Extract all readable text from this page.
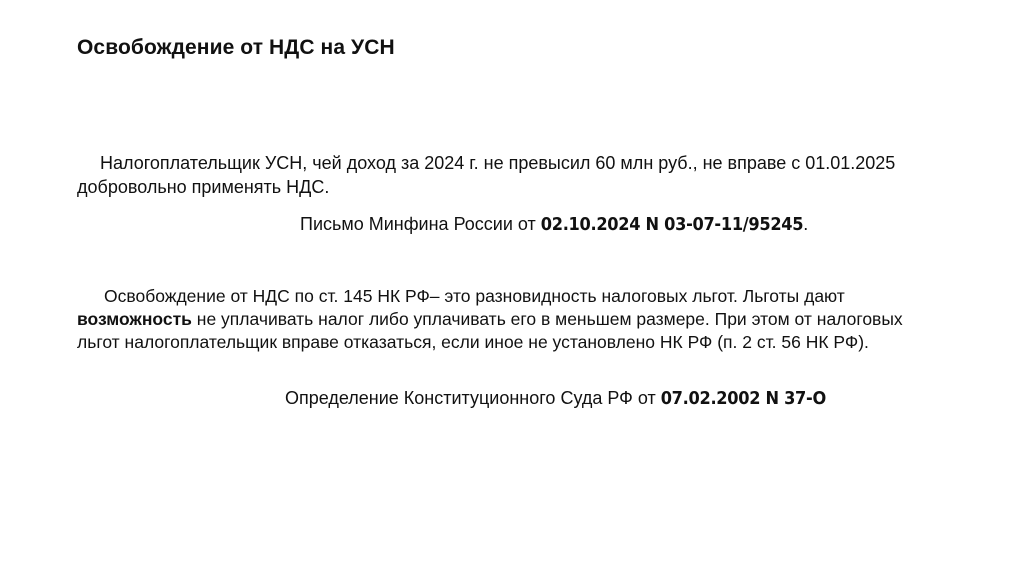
Освобождение от НДС на УСН
Налогоплательщик УСН, чей доход за 2024 г. не превысил 60 млн руб., не вправе с 01.01.2025 добровольно применять НДС.
Письмо Минфина России от 02.10.2024 N 03-07-11/95245.
Освобождение от НДС по ст. 145 НК РФ– это разновидность налоговых льгот. Льготы дают возможность не уплачивать налог либо уплачивать его в меньшем размере. При этом от налоговых льгот налогоплательщик вправе отказаться, если иное не установлено НК РФ (п. 2 ст. 56 НК РФ).
Определение Конституционного Суда РФ от 07.02.2002 N 37-О
